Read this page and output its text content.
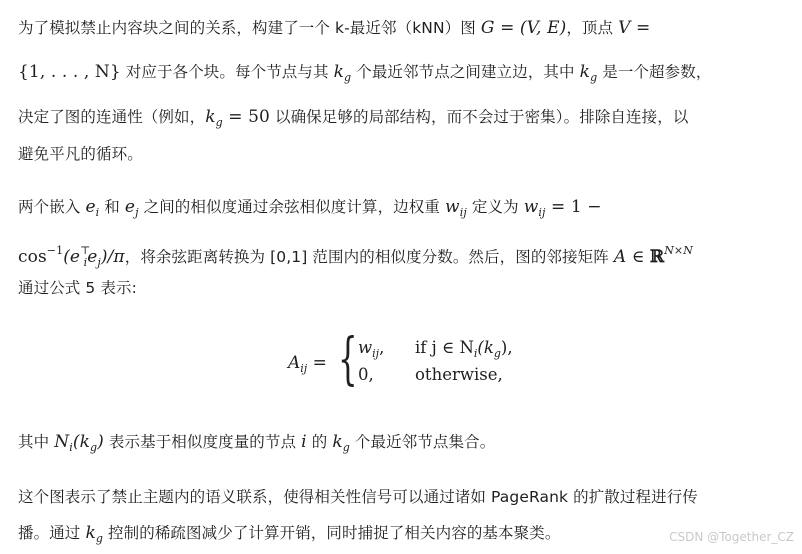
为了模拟禁止内容块之间的关系，构建了一个 k-最近邻（kNN）图 G = (V, E)，顶点 V =
{1, . . . , N} 对应于各个块。每个节点与其 $k_g$ 个最近邻节点之间建立边，其中 $k_g$ 是一个超参数，
决定了图的连通性（例如，$k_g = 50$ 以确保足够的局部结构，而不会过于密集）。排除自连接，以
避免平凡的循环。
两个嵌入 $e_i$ 和 $e_j$ 之间的相似度通过余弦相似度计算，边权重 $w_{ij}$ 定义为 $w_{ij} = 1$ −
$\cos^{-1}(e^⊤_ie_j)/\pi$，将余弦距离转换为 [0,1] 范围内的相似度分数。然后，图的邻接矩阵 A ∈ ℝ$^{N\times N}$
通过公式 5 表示:
$A_{ij}$ = { $w_{ij}$, if j ∈ $N_i(k_g)$,
0,	otherwise,
其中 $N_i(k_g)$ 表示基于相似度度量的节点 i 的 $k_g$ 个最近邻节点集合。
这个图表示了禁止主题内的语义联系，使得相关性信号可以通过诸如 PageRank 的扩散过程进行传
播。通过 $k_g$ 控制的稀疏图减少了计算开销，同时捕捉了相关内容的基本聚类。	CSDN @Together_CZ
